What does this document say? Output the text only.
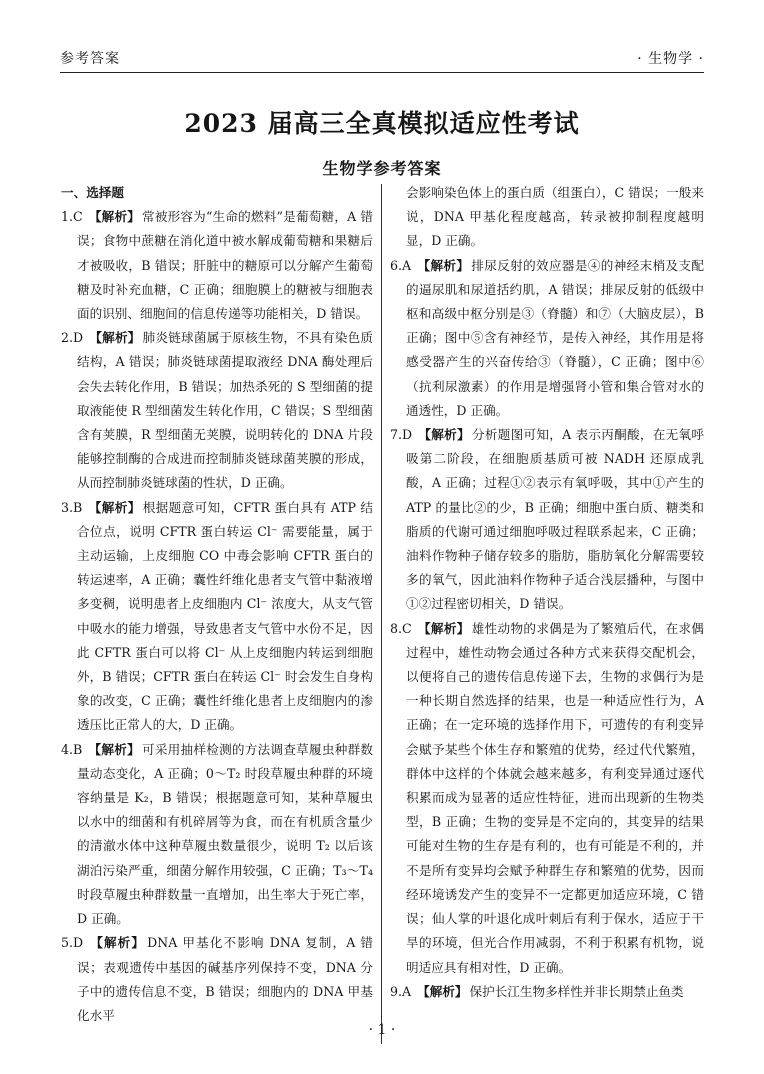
参考答案	· 生物学 ·
2023 届高三全真模拟适应性考试
生物学参考答案
一、选择题

1.C 【解析】 常被形容为“生命的燃料”是葡萄糖，A 错误；食物中蔗糖在消化道中被水解成葡萄糖和果糖后才被吸收，B 错误；肝脏中的糖原可以分解产生葡萄糖及时补充血糖，C 正确；细胞膜上的糖被与细胞表面的识别、细胞间的信息传递等功能相关，D 错误。

2.D 【解析】 肺炎链球菌属于原核生物，不具有染色质结构，A 错误；肺炎链球菌提取液经 DNA 酶处理后会失去转化作用，B 错误；加热杀死的 S 型细菌的提取液能使 R 型细菌发生转化作用，C 错误；S 型细菌含有荚膜，R 型细菌无荚膜，说明转化的 DNA 片段能够控制酶的合成进而控制肺炎链球菌荚膜的形成，从而控制肺炎链球菌的性状，D 正确。

3.B 【解析】 根据题意可知，CFTR 蛋白具有 ATP 结合位点，说明 CFTR 蛋白转运 Cl⁻ 需要能量，属于主动运输，上皮细胞 CO 中毒会影响 CFTR 蛋白的转运速率，A 正确；囊性纤维化患者支气管中黏液增多变稠，说明患者上皮细胞内 Cl⁻ 浓度大，从支气管中吸水的能力增强，导致患者支气管中水份不足，因此 CFTR 蛋白可以将 Cl⁻ 从上皮细胞内转运到细胞外，B 错误；CFTR 蛋白在转运 Cl⁻ 时会发生自身构象的改变，C 正确；囊性纤维化患者上皮细胞内的渗透压比正常人的大，D 正确。

4.B 【解析】 可采用抽样检测的方法调查草履虫种群数量动态变化，A 正确；0～T₂ 时段草履虫种群的环境容纳量是 K₂，B 错误；根据题意可知，某种草履虫以水中的细菌和有机碎屑等为食，而在有机质含量少的清澈水体中这种草履虫数量很少，说明 T₂ 以后该湖泊污染严重，细菌分解作用较强，C 正确；T₃～T₄ 时段草履虫种群数量一直增加，出生率大于死亡率，D 正确。

5.D 【解析】 DNA 甲基化不影响 DNA 复制，A 错误；表观遗传中基因的碱基序列保持不变，DNA 分子中的遗传信息不变，B 错误；细胞内的 DNA 甲基化水平

会影响染色体上的蛋白质（组蛋白），C 错误；一般来说，DNA 甲基化程度越高，转录被抑制程度越明显，D 正确。

6.A 【解析】 排尿反射的效应器是④的神经末梢及支配的逼尿肌和尿道括约肌，A 错误；排尿反射的低级中枢和高级中枢分别是③（脊髓）和⑦（大脑皮层），B 正确；图中⑤含有神经节，是传入神经，其作用是将感受器产生的兴奋传给③（脊髓），C 正确；图中⑥（抗利尿激素）的作用是增强肾小管和集合管对水的通透性，D 正确。

7.D 【解析】 分析题图可知，A 表示丙酮酸，在无氧呼吸第二阶段，在细胞质基质可被 NADH 还原成乳酸，A 正确；过程①②表示有氧呼吸，其中①产生的 ATP 的量比②的少，B 正确；细胞中蛋白质、糖类和脂质的代谢可通过细胞呼吸过程联系起来，C 正确；油料作物种子储存较多的脂肪，脂肪氧化分解需要较多的氧气，因此油料作物种子适合浅层播种，与图中①②过程密切相关，D 错误。

8.C 【解析】 雄性动物的求偶是为了繁殖后代，在求偶过程中，雄性动物会通过各种方式来获得交配机会，以便将自己的遗传信息传递下去，生物的求偶行为是一种长期自然选择的结果，也是一种适应性行为，A 正确；在一定环境的选择作用下，可遗传的有利变异会赋予某些个体生存和繁殖的优势，经过代代繁殖，群体中这样的个体就会越来越多，有利变异通过逐代积累而成为显著的适应性特征，进而出现新的生物类型，B 正确；生物的变异是不定向的，其变异的结果可能对生物的生存是有利的，也有可能是不利的，并不是所有变异均会赋予种群生存和繁殖的优势，因而经环境诱发产生的变异不一定都更加适应环境，C 错误；仙人掌的叶退化成叶刺后有利于保水，适应于干旱的环境，但光合作用减弱，不利于积累有机物，说明适应具有相对性，D 正确。

9.A 【解析】 保护长江生物多样性并非长期禁止鱼类

· 1 ·
